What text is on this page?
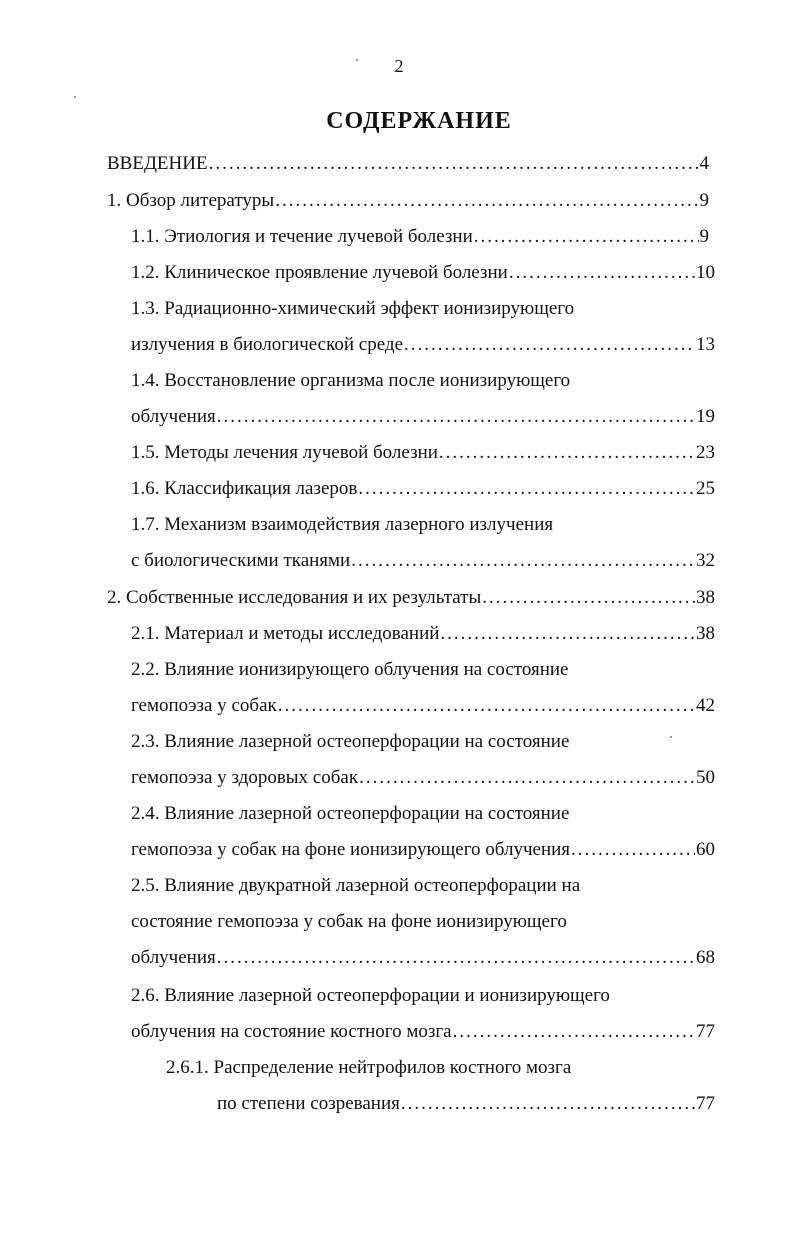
2
СОДЕРЖАНИЕ
ВВЕДЕНИЕ .....	4
1. Обзор литературы .....	9
1.1. Этиология и течение лучевой болезни .....	9
1.2. Клиническое проявление лучевой болезни .....	10
1.3. Радиационно-химический эффект ионизирующего
излучения в биологической среде .....	13
1.4. Восстановление организма после ионизирующего
облучения .....	19
1.5. Методы лечения лучевой болезни .....	23
1.6. Классификация лазеров .....	25
1.7. Механизм взаимодействия лазерного излучения
с биологическими тканями .....	32
2. Собственные исследования и их результаты .....	38
2.1. Материал и методы исследований .....	38
2.2. Влияние ионизирующего облучения на состояние
гемопоэза у собак .....	42
2.3. Влияние лазерной остеоперфорации на состояние
гемопоэза у здоровых собак .....	50
2.4. Влияние лазерной остеоперфорации на состояние
гемопоэза у собак на фоне ионизирующего облучения .....	60
2.5. Влияние двукратной лазерной остеоперфорации на
состояние гемопоэза у собак на фоне ионизирующего
облучения .....	68
2.6. Влияние лазерной остеоперфорации и ионизирующего
облучения на состояние костного мозга .....	77
2.6.1. Распределение нейтрофилов костного мозга
по степени созревания .....	77
